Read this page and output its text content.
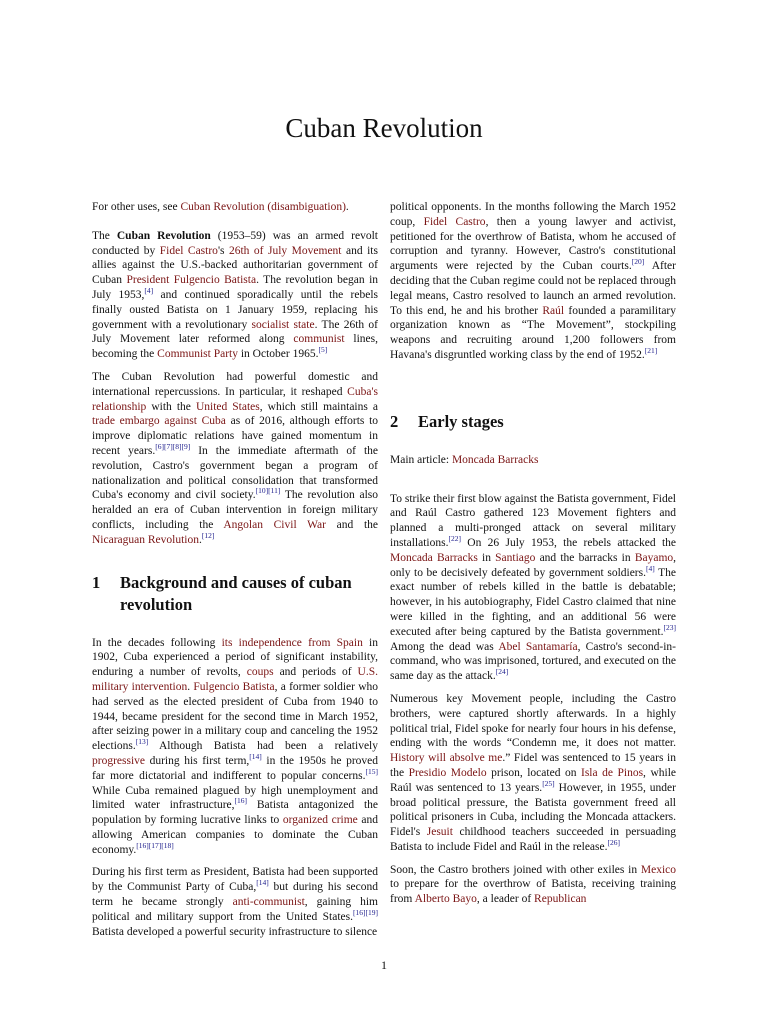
Cuban Revolution

For other uses, see Cuban Revolution (disambiguation).

The Cuban Revolution (1953–59) was an armed revolt conducted by Fidel Castro's 26th of July Movement and its allies against the U.S.-backed authoritarian government of Cuban President Fulgencio Batista. The revolution began in July 1953,[4] and continued sporadically until the rebels finally ousted Batista on 1 January 1959, replacing his government with a revolutionary socialist state. The 26th of July Movement later reformed along communist lines, becoming the Communist Party in October 1965.[5]

The Cuban Revolution had powerful domestic and international repercussions. In particular, it reshaped Cuba's relationship with the United States, which still maintains a trade embargo against Cuba as of 2016, although efforts to improve diplomatic relations have gained momentum in recent years.[6][7][8][9] In the immediate aftermath of the revolution, Castro's government began a program of nationalization and political consolidation that transformed Cuba's economy and civil society.[10][11] The revolution also heralded an era of Cuban intervention in foreign military conflicts, including the Angolan Civil War and the Nicaraguan Revolution.[12]

1	Background and causes of cuban revolution

In the decades following its independence from Spain in 1902, Cuba experienced a period of significant instability, enduring a number of revolts, coups and periods of U.S. military intervention. Fulgencio Batista, a former soldier who had served as the elected president of Cuba from 1940 to 1944, became president for the second time in March 1952, after seizing power in a military coup and canceling the 1952 elections.[13] Although Batista had been a relatively progressive during his first term,[14] in the 1950s he proved far more dictatorial and indifferent to popular concerns.[15] While Cuba remained plagued by high unemployment and limited water infrastructure,[16] Batista antagonized the population by forming lucrative links to organized crime and allowing American companies to dominate the Cuban economy.[16][17][18]

During his first term as President, Batista had been supported by the Communist Party of Cuba,[14] but during his second term he became strongly anti-communist, gaining him political and military support from the United States.[16][19] Batista developed a powerful security infrastructure to silence

political opponents. In the months following the March 1952 coup, Fidel Castro, then a young lawyer and activist, petitioned for the overthrow of Batista, whom he accused of corruption and tyranny. However, Castro's constitutional arguments were rejected by the Cuban courts.[20] After deciding that the Cuban regime could not be replaced through legal means, Castro resolved to launch an armed revolution. To this end, he and his brother Raúl founded a paramilitary organization known as “The Movement”, stockpiling weapons and recruiting around 1,200 followers from Havana's disgruntled working class by the end of 1952.[21]

2	Early stages

Main article: Moncada Barracks

To strike their first blow against the Batista government, Fidel and Raúl Castro gathered 123 Movement fighters and planned a multi-pronged attack on several military installations.[22] On 26 July 1953, the rebels attacked the Moncada Barracks in Santiago and the barracks in Bayamo, only to be decisively defeated by government soldiers.[4] The exact number of rebels killed in the battle is debatable; however, in his autobiography, Fidel Castro claimed that nine were killed in the fighting, and an additional 56 were executed after being captured by the Batista government.[23] Among the dead was Abel Santamaría, Castro's second-in-command, who was imprisoned, tortured, and executed on the same day as the attack.[24]

Numerous key Movement people, including the Castro brothers, were captured shortly afterwards. In a highly political trial, Fidel spoke for nearly four hours in his defense, ending with the words “Condemn me, it does not matter. History will absolve me.” Fidel was sentenced to 15 years in the Presidio Modelo prison, located on Isla de Pinos, while Raúl was sentenced to 13 years.[25] However, in 1955, under broad political pressure, the Batista government freed all political prisoners in Cuba, including the Moncada attackers. Fidel's Jesuit childhood teachers succeeded in persuading Batista to include Fidel and Raúl in the release.[26]

Soon, the Castro brothers joined with other exiles in Mexico to prepare for the overthrow of Batista, receiving training from Alberto Bayo, a leader of Republican

1
